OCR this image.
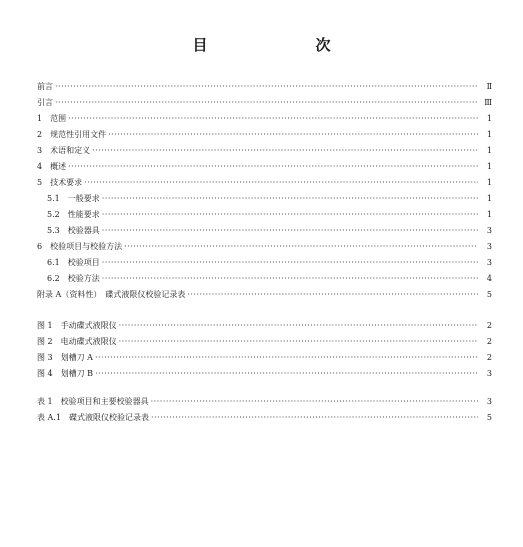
目　　次
前言 ·····	Ⅱ
引言 ·····	Ⅲ
1　范围 ·····	1
2　规范性引用文件 ·····	1
3　术语和定义 ·····	1
4　概述 ·····	1
5　技术要求 ·····	1
5.1　一般要求 ·····	1
5.2　性能要求 ·····	1
5.3　校验器具 ·····	3
6　校验项目与校验方法 ·····	3
6.1　校验项目 ·····	3
6.2　校验方法 ·····	4
附录 A（资料性）　碟式液限仪校验记录表 ·····	5
图 1　手动碟式液限仪 ·····	2
图 2　电动碟式液限仪 ·····	2
图 3　划槽刀 A ·····	2
图 4　划槽刀 B ·····	3
表 1　校验项目和主要校验器具 ·····	3
表 A.1　碟式液限仪校验记录表 ·····	5
